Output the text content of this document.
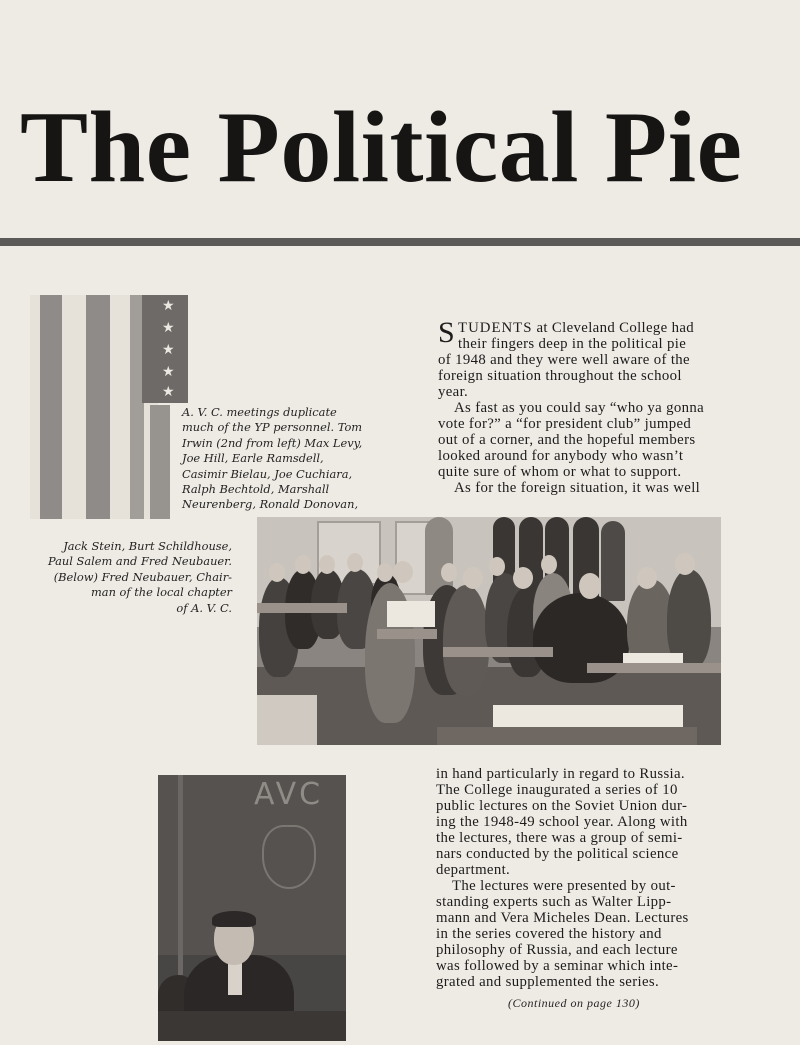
The Political Pie
★
★
★
★
★

A. V. C. meetings duplicate
much of the YP personnel. Tom
Irwin (2nd from left) Max Levy,
Joe Hill, Earle Ramsdell,
Casimir Bielau, Joe Cuchiara,
Ralph Bechtold, Marshall
Neurenberg, Ronald Donovan,

STUDENTS at Cleveland College had
their fingers deep in the political pie
of 1948 and they were well aware of the
foreign situation throughout the school
year.
As fast as you could say “who ya gonna
vote for?” a “for president club” jumped
out of a corner, and the hopeful members
looked around for anybody who wasn’t
quite sure of whom or what to support.
As for the foreign situation, it was well

Jack Stein, Burt Schildhouse,
Paul Salem and Fred Neubauer.
(Below) Fred Neubauer, Chair-
man of the local chapter
of A. V. C.

AVC
in hand particularly in regard to Russia.
The College inaugurated a series of 10
public lectures on the Soviet Union dur-
ing the 1948-49 school year. Along with
the lectures, there was a group of semi-
nars conducted by the political science
department.
The lectures were presented by out-
standing experts such as Walter Lipp-
mann and Vera Micheles Dean. Lectures
in the series covered the history and
philosophy of Russia, and each lecture
was followed by a seminar which inte-
grated and supplemented the series.

(Continued on page 130)
